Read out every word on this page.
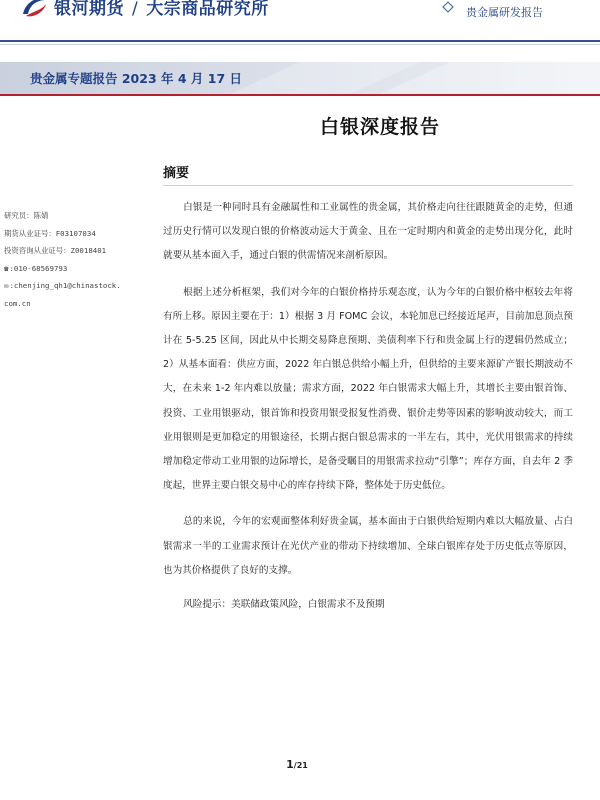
银河期货 / 大宗商品研究所	贵金属研发报告
贵金属专题报告 2023 年 4 月 17 日
白银深度报告
研究员：陈婧
期货从业证号：F03107034
投资咨询从业证号：Z0018401
☎:010-68569793
✉:chenjing_qh1@chinastock.
com.cn
摘要

白银是一种同时具有金融属性和工业属性的贵金属，其价格走向往往跟随黄金的走势，但通过历史行情可以发现白银的价格波动远大于黄金、且在一定时期内和黄金的走势出现分化，此时就要从基本面入手，通过白银的供需情况来剖析原因。

根据上述分析框架，我们对今年的白银价格持乐观态度，认为今年的白银价格中枢较去年将有所上移。原因主要在于：1）根据 3 月 FOMC 会议，本轮加息已经接近尾声，目前加息顶点预计在 5-5.25 区间，因此从中长期交易降息预期、美债利率下行和贵金属上行的逻辑仍然成立；2）从基本面看：供应方面，2022 年白银总供给小幅上升，但供给的主要来源矿产银长期波动不大，在未来 1-2 年内难以放量；需求方面，2022 年白银需求大幅上升，其增长主要由银首饰、投资、工业用银驱动，银首饰和投资用银受报复性消费、银价走势等因素的影响波动较大，而工业用银则是更加稳定的用银途径，长期占据白银总需求的一半左右，其中，光伏用银需求的持续增加稳定带动工业用银的边际增长，是备受瞩目的用银需求拉动“引擎”；库存方面，自去年 2 季度起，世界主要白银交易中心的库存持续下降，整体处于历史低位。

总的来说，今年的宏观面整体利好贵金属，基本面由于白银供给短期内难以大幅放量、占白银需求一半的工业需求预计在光伏产业的带动下持续增加、全球白银库存处于历史低点等原因，也为其价格提供了良好的支撑。

风险提示：美联储政策风险，白银需求不及预期

1/21
